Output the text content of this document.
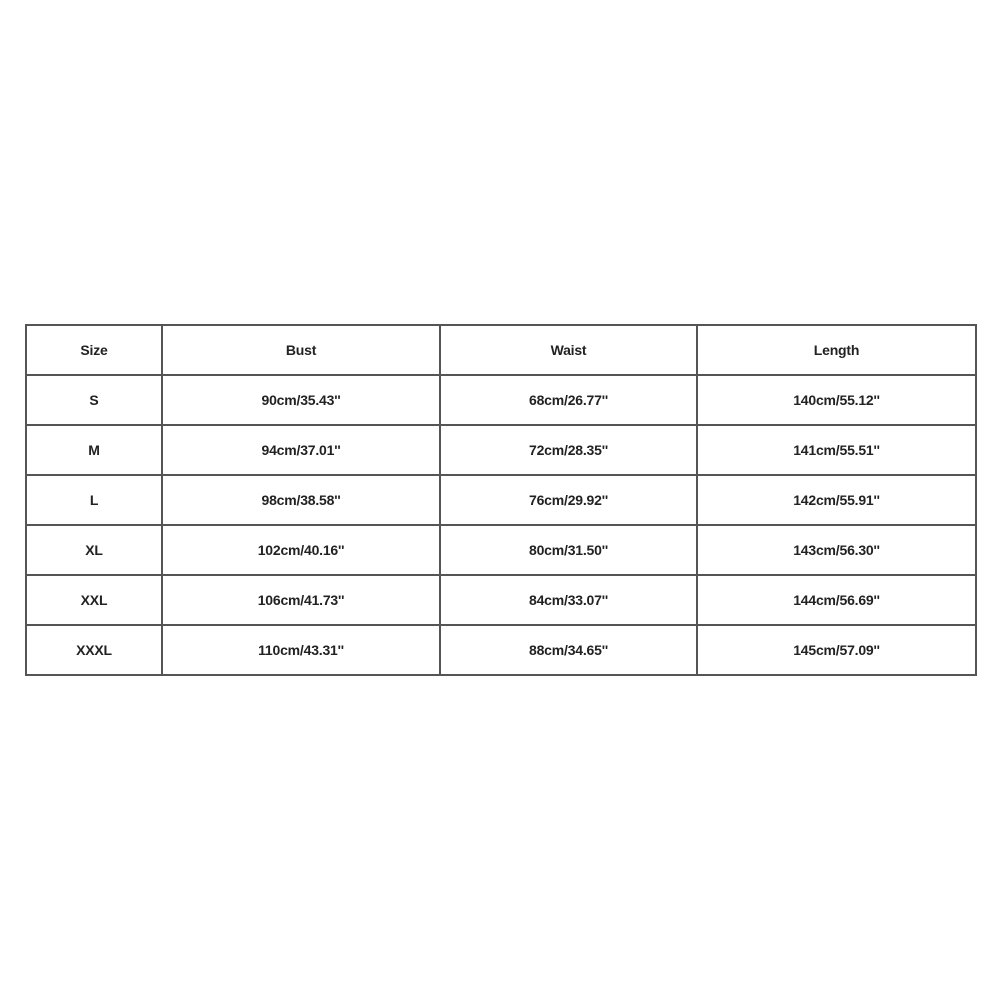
Size	Bust	Waist	Length
S	90cm/35.43''	68cm/26.77''	140cm/55.12''
M	94cm/37.01''	72cm/28.35''	141cm/55.51''
L	98cm/38.58''	76cm/29.92''	142cm/55.91''
XL	102cm/40.16''	80cm/31.50''	143cm/56.30''
XXL	106cm/41.73''	84cm/33.07''	144cm/56.69''
XXXL	110cm/43.31''	88cm/34.65''	145cm/57.09''
